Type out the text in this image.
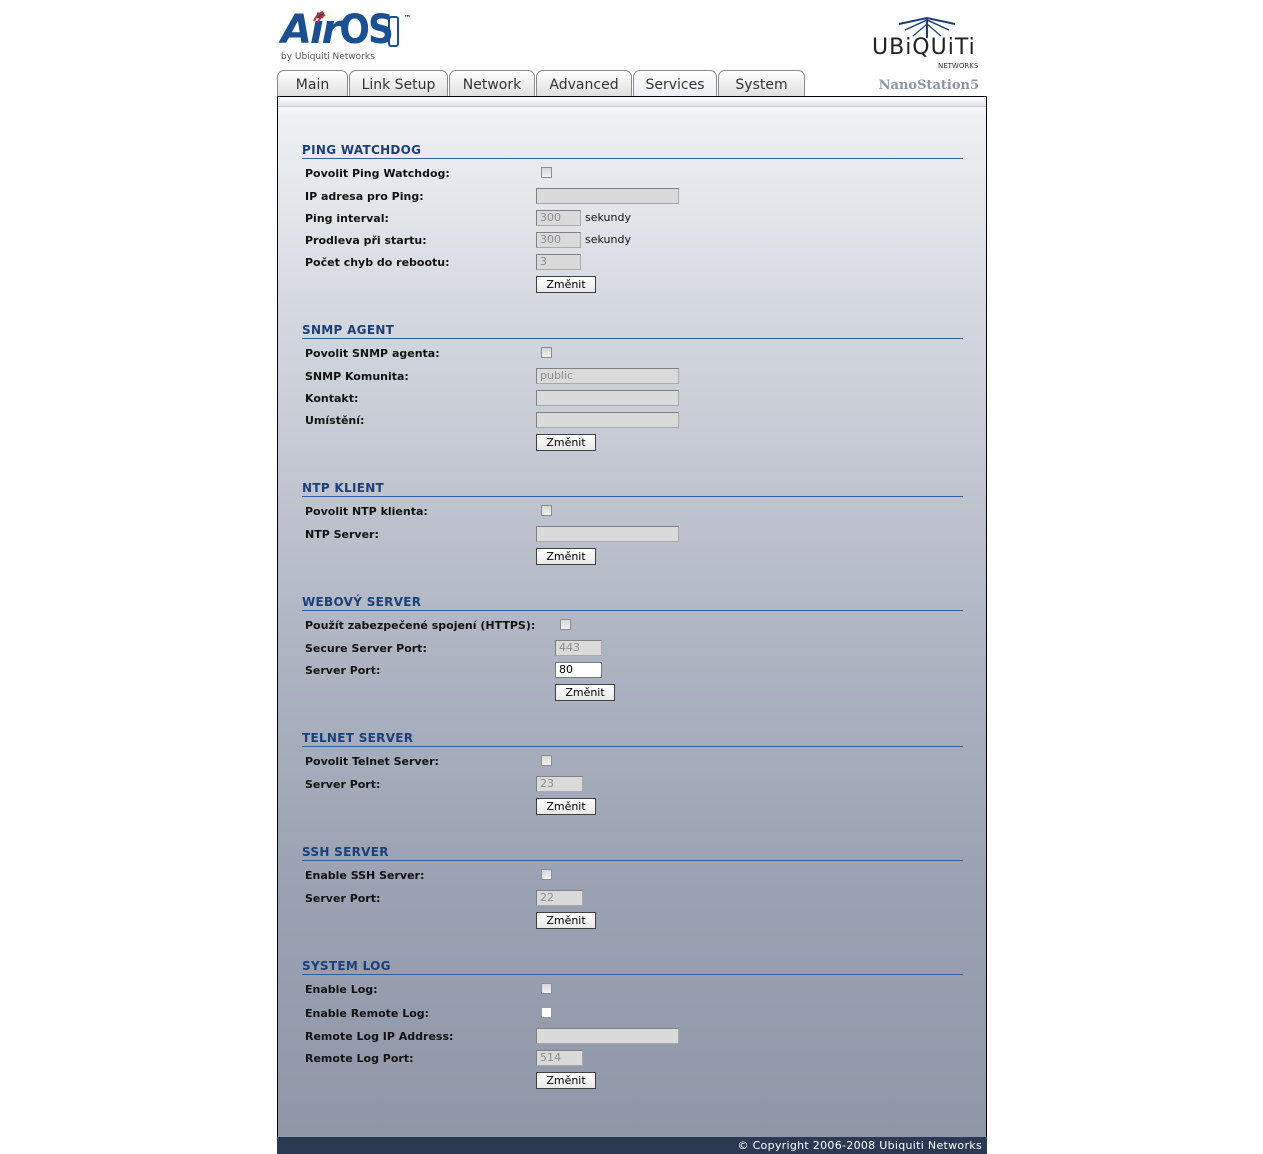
AirOS ™
by Ubiquiti Networks	UBiQUiTi
NETWORKS
Main	Link Setup	Network	Advanced	Services	System	NanoStation5
PING WATCHDOG
Povolit Ping Watchdog:
IP adresa pro Ping:
Ping interval:	300	sekundy
Prodleva při startu:	300	sekundy
Počet chyb do rebootu:	3
Změnit
SNMP AGENT
Povolit SNMP agenta:
SNMP Komunita:	public
Kontakt:
Umístění:
Změnit
NTP KLIENT
Povolit NTP klienta:
NTP Server:
Změnit
WEBOVÝ SERVER
Použít zabezpečené spojení (HTTPS):
Secure Server Port:	443
Server Port:	80
Změnit
TELNET SERVER
Povolit Telnet Server:
Server Port:	23
Změnit
SSH SERVER
Enable SSH Server:
Server Port:	22
Změnit
SYSTEM LOG
Enable Log:
Enable Remote Log:
Remote Log IP Address:
Remote Log Port:	514
Změnit
© Copyright 2006-2008 Ubiquiti Networks
